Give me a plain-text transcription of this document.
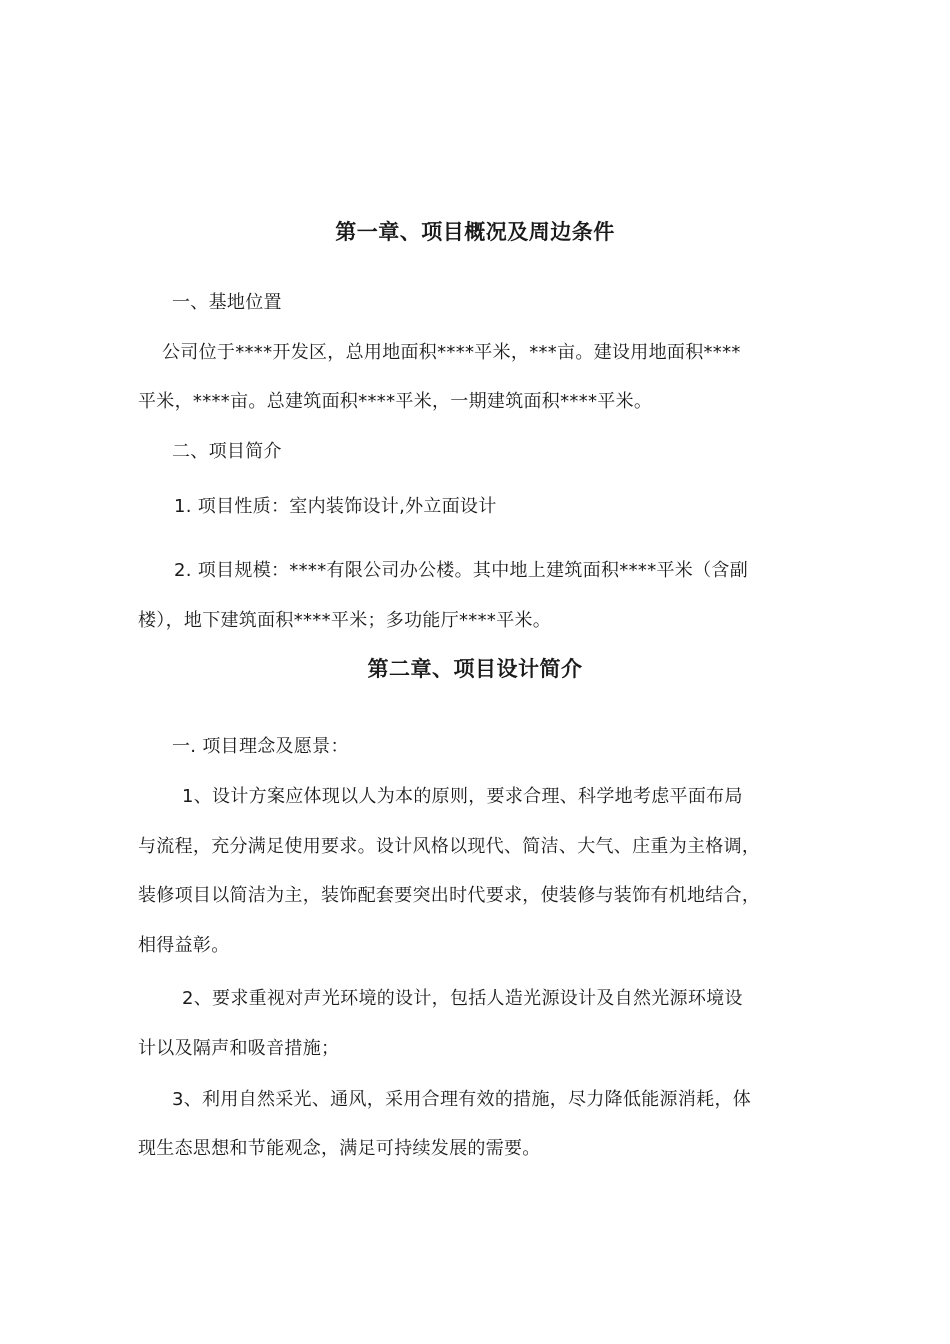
第一章、项目概况及周边条件
一、基地位置
公司位于****开发区，总用地面积****平米，***亩。建设用地面积****
平米，****亩。总建筑面积****平米，一期建筑面积****平米。
二、项目简介
1. 项目性质：室内装饰设计,外立面设计
2. 项目规模：****有限公司办公楼。其中地上建筑面积****平米（含副
楼），地下建筑面积****平米；多功能厅****平米。
第二章、项目设计简介
一. 项目理念及愿景：
1、设计方案应体现以人为本的原则，要求合理、科学地考虑平面布局
与流程，充分满足使用要求。设计风格以现代、简洁、大气、庄重为主格调，
装修项目以简洁为主，装饰配套要突出时代要求，使装修与装饰有机地结合，
相得益彰。
2、要求重视对声光环境的设计，包括人造光源设计及自然光源环境设
计以及隔声和吸音措施；
3、利用自然采光、通风，采用合理有效的措施，尽力降低能源消耗，体
现生态思想和节能观念，满足可持续发展的需要。
